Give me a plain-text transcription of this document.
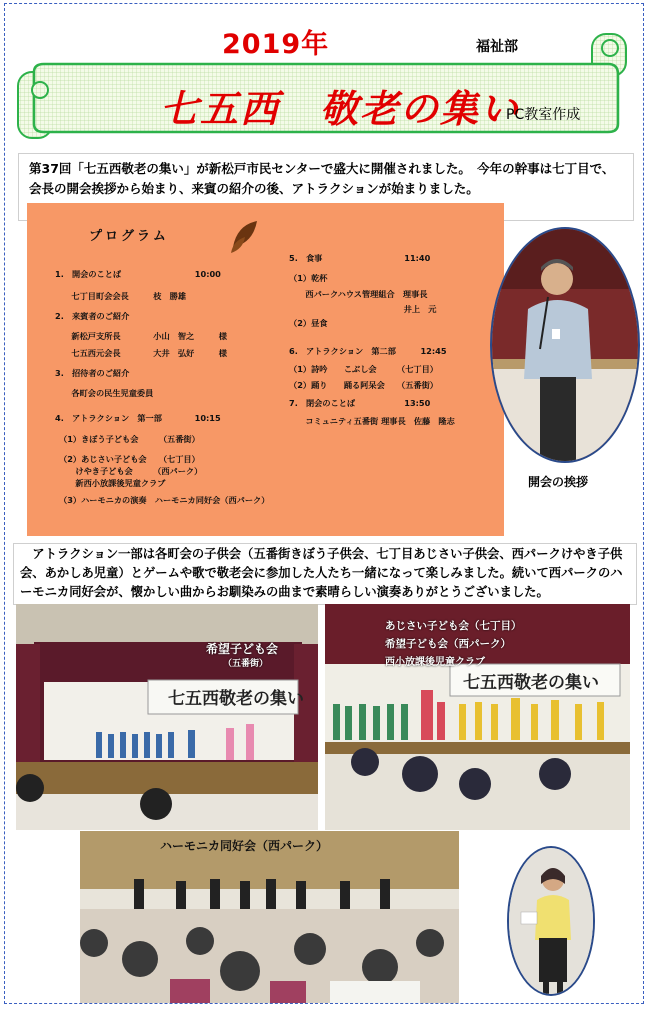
2019年	福祉部
七五西　敬老の集い
PC教室作成
第37回「七五西敬老の集い」が新松戸市民センターで盛大に開催されました。　今年の幹事は七丁目で、会長の開会挨拶から始まり、来賓の紹介の後、アトラクションが始まりました。
プログラム
1.　開会のことば　　　　　　　　　10:00
　　七丁目町会会長　　　枝　勝雄
2.　来賓者のご紹介
　　新松戸支所長　　　　小山　智之　　　様
　　七五西元会長　　　　大井　弘好　　　様
3.　招待者のご紹介
　　各町会の民生児童委員
4.　アトラクション　第一部　　　　10:15
（1）きぼう子ども会　　　（五番街）
（2）あじさい子ども会　　（七丁目）
　　けやき子ども会　　　（西パーク）
　　新西小放課後児童クラブ
（3）ハーモニカの演奏　ハーモニカ同好会（西パーク）
5.　食事　　　　　　　　　　11:40
（1）乾杯
　　西パークハウス管理組合　理事長
　　　　　　　　　　　　　　井上　元
（2）昼食
6.　アトラクション　第二部　　　12:45
（1）詩吟　　こぶし会　　　（七丁目）
（2）踊り　　踊る阿呆会　　（五番街）
7.　閉会のことば　　　　　　13:50
　　コミュニティ五番街 理事長　佐藤　隆志
開会の挨拶
　アトラクション一部は各町会の子供会（五番街きぼう子供会、七丁目あじさい子供会、西パークけやき子供会、あかしあ児童）とゲームや歌で敬老会に参加した人たち一緒になって楽しみました。続いて西パークのハーモニカ同好会が、懐かしい曲からお馴染みの曲まで素晴らしい演奏ありがとうございました。
希望子ども会
（五番街）
七五西敬老の集い
あじさい子ども会（七丁目）
希望子ども会（西パーク）
西小放課後児童クラブ
七五西敬老の集い
ハーモニカ同好会（西パーク）
